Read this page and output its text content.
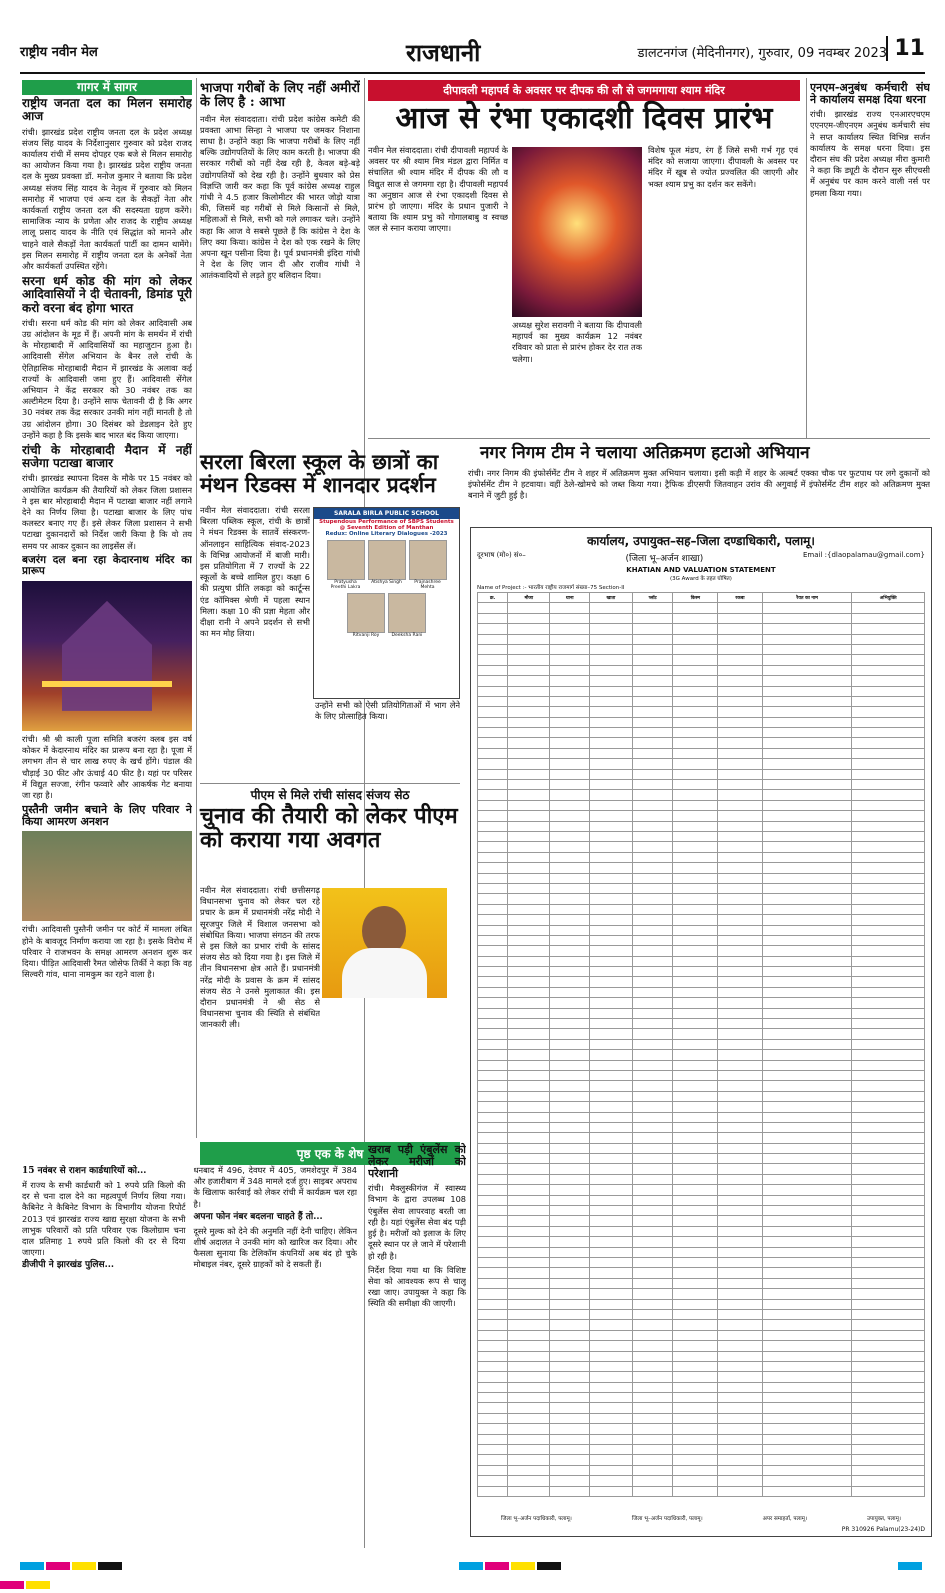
राष्ट्रीय नवीन मेल	राजधानी	डालटनगंज (मेदिनीनगर), गुरुवार, 09 नवम्बर 2023 11
गागर में सागर
राष्ट्रीय जनता दल का मिलन समारोह आज

रांची। झारखंड प्रदेश राष्ट्रीय जनता दल के प्रदेश अध्यक्ष संजय सिंह यादव के निर्देशानुसार गुरुवार को प्रदेश राजद कार्यालय रांची में समय दोपहर एक बजे से मिलन समारोह का आयोजन किया गया है। झारखंड प्रदेश राष्ट्रीय जनता दल के मुख्य प्रवक्ता डॉ. मनोज कुमार ने बताया कि प्रदेश अध्यक्ष संजय सिंह यादव के नेतृत्व में गुरुवार को मिलन समारोह में भाजपा एवं अन्य दल के सैकड़ों नेता और कार्यकर्ता राष्ट्रीय जनता दल की सदस्यता ग्रहण करेंगे। सामाजिक न्याय के प्रणेता और राजद के राष्ट्रीय अध्यक्ष लालू प्रसाद यादव के नीति एवं सिद्धांत को मानने और चाहने वाले सैकड़ों नेता कार्यकर्ता पार्टी का दामन थामेंगे। इस मिलन समारोह में राष्ट्रीय जनता दल के अनेकों नेता और कार्यकर्ता उपस्थित रहेंगे।

सरना धर्म कोड की मांग को लेकर आदिवासियों ने दी चेतावनी, डिमांड पूरी करो वरना बंद होगा भारत

रांची। सरना धर्म कोड की मांग को लेकर आदिवासी अब उग्र आंदोलन के मूड में हैं। अपनी मांग के समर्थन में रांची के मोरहाबादी में आदिवासियों का महाजुटान हुआ है। आदिवासी सेंगेल अभियान के बैनर तले रांची के ऐतिहासिक मोरहाबादी मैदान में झारखंड के अलावा कई राज्यों के आदिवासी जमा हुए हैं। आदिवासी सेंगेल अभियान ने केंद्र सरकार को 30 नवंबर तक का अल्टीमेटम दिया है। उन्होंने साफ चेतावनी दी है कि अगर 30 नवंबर तक केंद्र सरकार उनकी मांग नहीं मानती है तो उग्र आंदोलन होगा। 30 दिसंबर को डेडलाइन देते हुए उन्होंने कहा है कि इसके बाद भारत बंद किया जाएगा।

रांची के मोरहाबादी मैदान में नहीं सजेगा पटाखा बाजार

रांची। झारखंड स्थापना दिवस के मौके पर 15 नवंबर को आयोजित कार्यक्रम की तैयारियों को लेकर जिला प्रशासन ने इस बार मोरहाबादी मैदान में पटाखा बाजार नहीं लगाने देने का निर्णय लिया है। पटाखा बाजार के लिए पांच कलस्टर बनाए गए हैं। इसे लेकर जिला प्रशासन ने सभी पटाखा दुकानदारों को निर्देश जारी किया है कि वो तय समय पर आकर दुकान का लाइसेंस लें।

बजरंग दल बना रहा केदारनाथ मंदिर का प्रारूप

रांची। श्री श्री काली पूजा समिति बजरंग क्लब इस वर्ष कोकर में केदारनाथ मंदिर का प्रारूप बना रहा है। पूजा में लगभग तीन से चार लाख रुपए के खर्च होंगे। पंडाल की चौड़ाई 30 फीट और ऊंचाई 40 फीट है। यहां पर परिसर में विद्युत सज्जा, रंगीन फव्वारे और आकर्षक गेट बनाया जा रहा है।

पुस्तैनी जमीन बचाने के लिए परिवार ने किया आमरण अनशन

रांची। आदिवासी पुस्तैनी जमीन पर कोर्ट में मामला लंबित होने के बावजूद निर्माण कराया जा रहा है। इसके विरोध में परिवार ने राजभवन के समक्ष आमरण अनशन शुरू कर दिया। पीड़ित आदिवासी रैमत जोसेफ तिर्की ने कहा कि वह सिल्वरी गांव, थाना नामकुम का रहने वाला है।

भाजपा गरीबों के लिए नहीं अमीरों के लिए है : आभा

नवीन मेल संवाददाता। रांची प्रदेश कांग्रेस कमेटी की प्रवक्ता आभा सिन्हा ने भाजपा पर जमकर निशाना साधा है। उन्होंने कहा कि भाजपा गरीबों के लिए नहीं बल्कि उद्योगपतियों के लिए काम करती है। भाजपा की सरकार गरीबों को नहीं देख रही है, केवल बड़े-बड़े उद्योगपतियों को देख रही है। उन्होंने बुधवार को प्रेस विज्ञप्ति जारी कर कहा कि पूर्व कांग्रेस अध्यक्ष राहुल गांधी ने 4.5 हजार किलोमीटर की भारत जोड़ो यात्रा की, जिसमें वह गरीबों से मिले किसानों से मिले, महिलाओं से मिले, सभी को गले लगाकर चले। उन्होंने कहा कि आज वे सबसे पूछते हैं कि कांग्रेस ने देश के लिए क्या किया। कांग्रेस ने देश को एक रखने के लिए अपना खून पसीना दिया है। पूर्व प्रधानमंत्री इंदिरा गांधी ने देश के लिए जान दी और राजीव गांधी ने आतंकवादियों से लड़ते हुए बलिदान दिया।

सरला बिरला स्कूल के छात्रों का मंथन रिडक्स में शानदार प्रदर्शन

नवीन मेल संवाददाता। रांची सरला बिरला पब्लिक स्कूल, रांची के छात्रों ने मंथन रिडक्स के सातवें संस्करण-ऑनलाइन साहित्यिक संवाद-2023 के विभिन्न आयोजनों में बाजी मारी। इस प्रतियोगिता में 7 राज्यों के 22 स्कूलों के बच्चे शामिल हुए। कक्षा 6 की प्रत्युषा प्रीति लकड़ा को कार्टून्स एंड कॉमिक्स श्रेणी में पहला स्थान मिला। कक्षा 10 की प्रज्ञा मेहता और दीक्षा रानी ने अपने प्रदर्शन से सभी का मन मोह लिया।

SARALA BIRLA PUBLIC SCHOOL
Stupendous Performance of SBPS Students
@ Seventh Edition of Manthan
Redux: Online Literary Dialogues -2023
Pratyusha Preethi Lakra
Atishya Singh	Prajnashree Mehta
Ritvanji Roy	Deeksha Rani

उन्होंने सभी को ऐसी प्रतियोगिताओं में भाग लेने के लिए प्रोत्साहित किया।

पीएम से मिले रांची सांसद संजय सेठ
चुनाव की तैयारी को लेकर पीएम को कराया गया अवगत

नवीन मेल संवाददाता। रांची छत्तीसगढ़ विधानसभा चुनाव को लेकर चल रहे प्रचार के क्रम में प्रधानमंत्री नरेंद्र मोदी ने सूरजपुर जिले में विशाल जनसभा को संबोधित किया। भाजपा संगठन की तरफ से इस जिले का प्रभार रांची के सांसद संजय सेठ को दिया गया है। इस जिले में तीन विधानसभा क्षेत्र आते हैं। प्रधानमंत्री नरेंद्र मोदी के प्रवास के क्रम में सांसद संजय सेठ ने उनसे मुलाकात की। इस दौरान प्रधानमंत्री ने श्री सेठ से विधानसभा चुनाव की स्थिति से संबंधित जानकारी ली।

पृष्ठ एक के शेष
15 नवंबर से राशन कार्डधारियों को...

में राज्य के सभी कार्डधारी को 1 रुपये प्रति किलो की दर से चना दाल देने का महत्वपूर्ण निर्णय लिया गया। कैबिनेट ने कैबिनेट विभाग के विभागीय योजना रिपोर्ट 2013 एवं झारखंड राज्य खाद्य सुरक्षा योजना के सभी लाभुक परिवारों को प्रति परिवार एक किलोग्राम चना दाल प्रतिमाह 1 रुपये प्रति किलो की दर से दिया जाएगा।

डीजीपी ने झारखंड पुलिस...

धनबाद में 496, देवघर में 405, जमशेदपुर में 384 और हजारीबाग में 348 मामले दर्ज हुए। साइबर अपराध के खिलाफ कार्रवाई को लेकर रांची में कार्यक्रम चल रहा है।

अपना फोन नंबर बदलना चाहते हैं तो...

दूसरे मुल्क को देने की अनुमति नहीं देनी चाहिए। लेकिन शीर्ष अदालत ने उनकी मांग को खारिज कर दिया। और फैसला सुनाया कि टेलिकॉम कंपनियों अब बंद हो चुके मोबाइल नंबर, दूसरे ग्राहकों को दे सकती हैं।

दीपावली महापर्व के अवसर पर दीपक की लौ से जगमगाया श्याम मंदिर
आज से रंभा एकादशी दिवस प्रारंभ

नवीन मेल संवाददाता। रांची दीपावली महापर्व के अवसर पर श्री श्याम मित्र मंडल द्वारा निर्मित व संचालित श्री श्याम मंदिर में दीपक की लौ व विद्युत साज से जगमगा रहा है। दीपावली महापर्व का अनुष्ठान आज से रंभा एकादशी दिवस से प्रारंभ हो जाएगा। मंदिर के प्रधान पुजारी ने बताया कि श्याम प्रभु को गोगालबाबु व स्वच्छ जल से स्नान कराया जाएगा।

अध्यक्ष सुरेश सरावगी ने बताया कि दीपावली महापर्व का मुख्य कार्यक्रम 12 नवंबर रविवार को प्रातः से प्रारंभ होकर देर रात तक चलेगा।

विशेष फूल मंडप, रंग हैं जिसे सभी गर्भ गृह एवं मंदिर को सजाया जाएगा। दीपावली के अवसर पर मंदिर में खूब से ज्योत प्रज्वलित की जाएगी और भक्त श्याम प्रभु का दर्शन कर सकेंगे।

एनएम-अनुबंध कर्मचारी संघ ने कार्यालय समक्ष दिया धरना

रांची। झारखंड राज्य एनआरएचएम एएनएम-जीएनएम अनुबंध कर्मचारी संघ ने सप्त कार्यालय स्थित विभिन्न सर्जन कार्यालय के समक्ष धरना दिया। इस दौरान संघ की प्रदेश अध्यक्ष मीरा कुमारी ने कहा कि ड्यूटी के दौरान सुरु सीएचसी में अनुबंध पर काम करने वाली नर्स पर हमला किया गया।

नगर निगम टीम ने चलाया अतिक्रमण हटाओ अभियान

रांची। नगर निगम की इंफोर्समेंट टीम ने शहर में अतिक्रमण मुक्त अभियान चलाया। इसी कड़ी में शहर के अल्बर्ट एक्का चौक पर फुटपाथ पर लगे दुकानों को इंफोर्समेंट टीम ने हटवाया। वहीं ठेले-खोमचे को जब्त किया गया। ट्रैफिक डीएसपी जितवाहन उरांव की अगुवाई में इंफोर्समेंट टीम शहर को अतिक्रमण मुक्त बनाने में जुटी हुई है।

कार्यालय, उपायुक्त–सह–जिला दण्डाधिकारी, पलामू।
दूरभाष (मो०) सं०–	(जिला भू–अर्जन शाखा)	Email :{dlaopalamau@gmail.com}
KHATIAN AND VALUATION STATEMENT
(3G Award के तहत घोषित)
Name of Project :- भारतीय राष्ट्रीय राजमार्ग संख्या–75 Section-II
क्र.	मौजा	थाना	खाता	प्लॉट	किस्म	रकबा	रैयत का नाम	अभियुक्ति

जिला भू–अर्जन पदाधिकारी, पलामू।	जिला भू–अर्जन पदाधिकारी, पलामू।	अपर समाहर्ता, पलामू।	उपायुक्त, पलामू।
PR 310926 Palamu(23-24)D
खराब पड़ी एंबुलेंस को लेकर मरीजों को परेशानी

रांची। मैक्लुस्कीगंज में स्वास्थ्य विभाग के द्वारा उपलब्ध 108 एंबुलेंस सेवा लापरवाह बरती जा रही है। यहां एंबुलेंस सेवा बंद पड़ी हुई है। मरीजों को इलाज के लिए दूसरे स्थान पर ले जाने में परेशानी हो रही है।

निर्देश दिया गया था कि विशिष्ट सेवा को आवश्यक रूप से चालू रखा जाए। उपायुक्त ने कहा कि स्थिति की समीक्षा की जाएगी।
